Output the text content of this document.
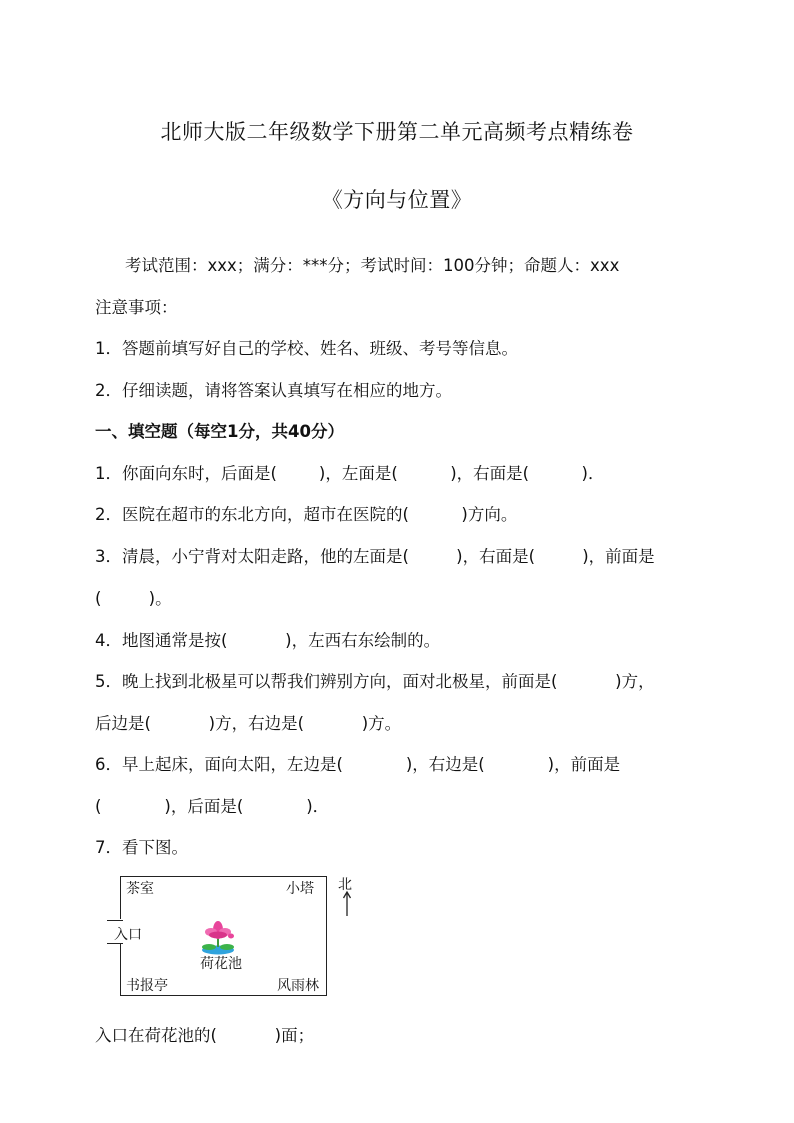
北师大版二年级数学下册第二单元高频考点精练卷
《方向与位置》
考试范围：xxx；满分：***分；考试时间：100分钟；命题人：xxx
注意事项：
1．答题前填写好自己的学校、姓名、班级、考号等信息。
2．仔细读题，请将答案认真填写在相应的地方。
一、填空题（每空1分，共40分）
1．你面向东时，后面是(        )，左面是(          )，右面是(          )．
2．医院在超市的东北方向，超市在医院的(          )方向。
3．清晨，小宁背对太阳走路，他的左面是(         )，右面是(         )，前面是
(         )。
4．地图通常是按(           )，左西右东绘制的。
5．晚上找到北极星可以帮我们辨别方向，面对北极星，前面是(           )方，
后边是(           )方，右边是(           )方。
6．早上起床，面向太阳，左边是(            )，右边是(            )，前面是
(            )，后面是(            )．
7．看下图。
茶室	小塔
入口
荷花池
书报亭	风雨林
北
入口在荷花池的(           )面；
